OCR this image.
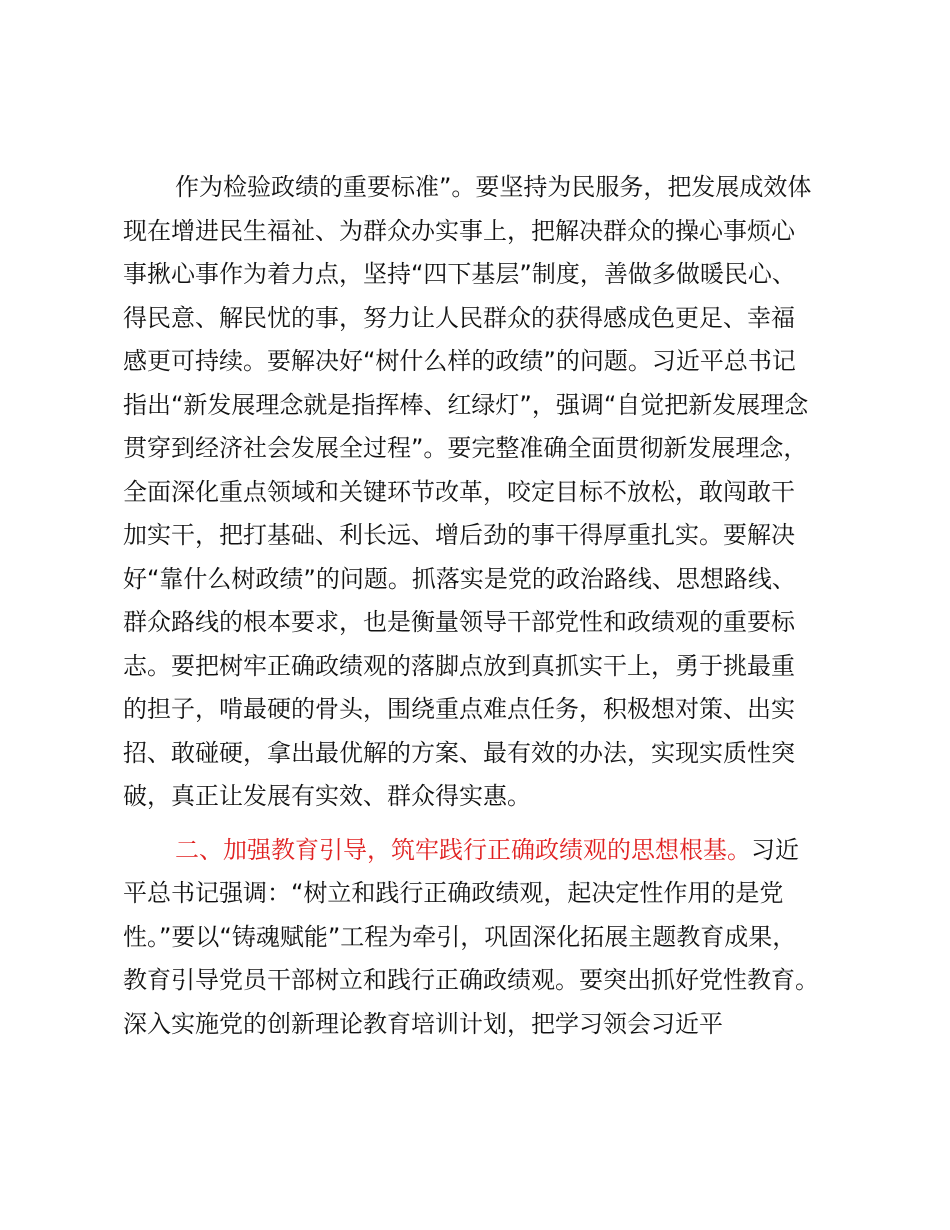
作为检验政绩的重要标准”。要坚持为民服务，把发展成效体
现在增进民生福祉、为群众办实事上，把解决群众的操心事烦心
事揪心事作为着力点，坚持“四下基层”制度，善做多做暖民心、
得民意、解民忧的事，努力让人民群众的获得感成色更足、幸福
感更可持续。要解决好“树什么样的政绩”的问题。习近平总书记
指出“新发展理念就是指挥棒、红绿灯”，强调“自觉把新发展理念
贯穿到经济社会发展全过程”。要完整准确全面贯彻新发展理念，
全面深化重点领域和关键环节改革，咬定目标不放松，敢闯敢干
加实干，把打基础、利长远、增后劲的事干得厚重扎实。要解决
好“靠什么树政绩”的问题。抓落实是党的政治路线、思想路线、
群众路线的根本要求，也是衡量领导干部党性和政绩观的重要标
志。要把树牢正确政绩观的落脚点放到真抓实干上，勇于挑最重
的担子，啃最硬的骨头，围绕重点难点任务，积极想对策、出实
招、敢碰硬，拿出最优解的方案、最有效的办法，实现实质性突
破，真正让发展有实效、群众得实惠。
二、加强教育引导，筑牢践行正确政绩观的思想根基。习近
平总书记强调：“树立和践行正确政绩观，起决定性作用的是党
性。”要以“铸魂赋能”工程为牵引，巩固深化拓展主题教育成果，
教育引导党员干部树立和践行正确政绩观。要突出抓好党性教育。
深入实施党的创新理论教育培训计划，把学习领会习近平
